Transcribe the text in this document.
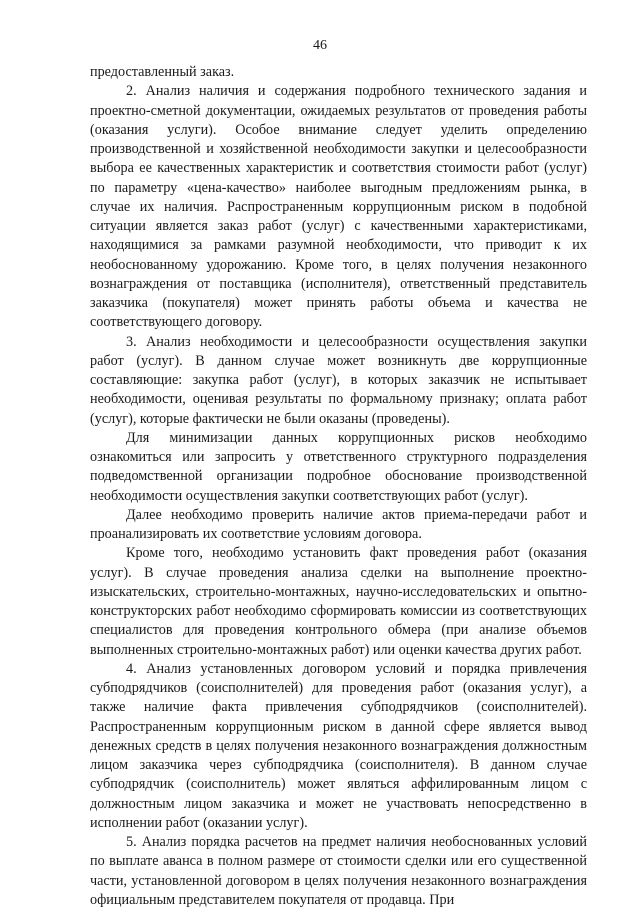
46

предоставленный заказ.

2. Анализ наличия и содержания подробного технического задания и проектно-сметной документации, ожидаемых результатов от проведения работы (оказания услуги). Особое внимание следует уделить определению производственной и хозяйственной необходимости закупки и целесообразности выбора ее качественных характеристик и соответствия стоимости работ (услуг) по параметру «цена-качество» наиболее выгодным предложениям рынка, в случае их наличия. Распространенным коррупционным риском в подобной ситуации является заказ работ (услуг) с качественными характеристиками, находящимися за рамками разумной необходимости, что приводит к их необоснованному удорожанию. Кроме того, в целях получения незаконного вознаграждения от поставщика (исполнителя), ответственный представитель заказчика (покупателя) может принять работы объема и качества не соответствующего договору.

3. Анализ необходимости и целесообразности осуществления закупки работ (услуг). В данном случае может возникнуть две коррупционные составляющие: закупка работ (услуг), в которых заказчик не испытывает необходимости, оценивая результаты по формальному признаку; оплата работ (услуг), которые фактически не были оказаны (проведены).

Для минимизации данных коррупционных рисков необходимо ознакомиться или запросить у ответственного структурного подразделения подведомственной организации подробное обоснование производственной необходимости осуществления закупки соответствующих работ (услуг).

Далее необходимо проверить наличие актов приема-передачи работ и проанализировать их соответствие условиям договора.

Кроме того, необходимо установить факт проведения работ (оказания услуг). В случае проведения анализа сделки на выполнение проектно-изыскательских, строительно-монтажных, научно-исследовательских и опытно-конструкторских работ необходимо сформировать комиссии из соответствующих специалистов для проведения контрольного обмера (при анализе объемов выполненных строительно-монтажных работ) или оценки качества других работ.

4. Анализ установленных договором условий и порядка привлечения субподрядчиков (соисполнителей) для проведения работ (оказания услуг), а также наличие факта привлечения субподрядчиков (соисполнителей). Распространенным коррупционным риском в данной сфере является вывод денежных средств в целях получения незаконного вознаграждения должностным лицом заказчика через субподрядчика (соисполнителя). В данном случае субподрядчик (соисполнитель) может являться аффилированным лицом с должностным лицом заказчика и может не участвовать непосредственно в исполнении работ (оказании услуг).

5. Анализ порядка расчетов на предмет наличия необоснованных условий по выплате аванса в полном размере от стоимости сделки или его существенной части, установленной договором в целях получения незаконного вознаграждения официальным представителем покупателя от продавца. При
